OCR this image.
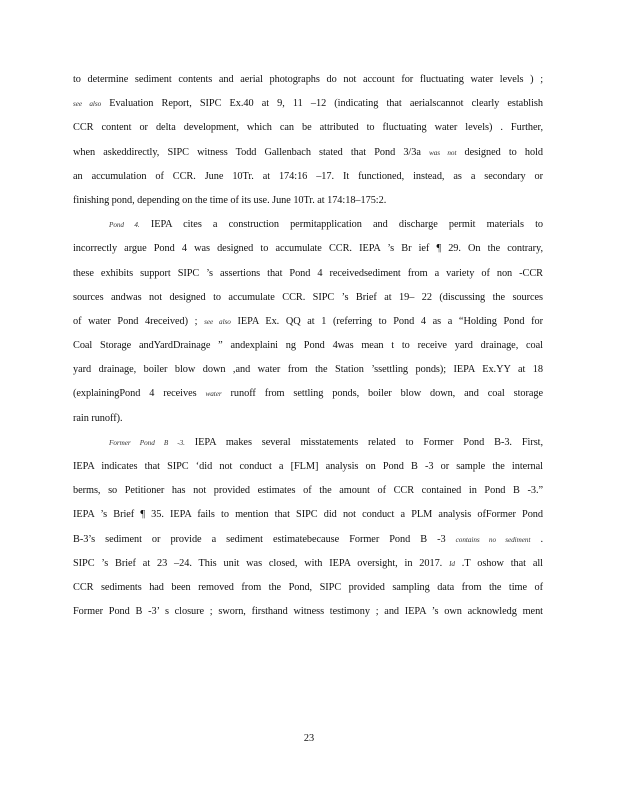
to determine sediment contents and aerial photographs do not account for fluctuating water levels ) ;
see also Evaluation Report, SIPC Ex.40 at 9, 11 –12 (indicating that aerialscannot clearly establish
CCR content or delta development, which can be attributed to fluctuating water levels) . Further,
when askeddirectly, SIPC witness Todd Gallenbach stated that Pond 3/3a was not designed to hold
an accumulation of CCR. June 10Tr. at 174:16 –17. It functioned, instead, as a secondary or
finishing pond, depending on the time of its use. June 10Tr. at 174:18–175:2.
Pond 4. IEPA cites a construction permitapplication and discharge permit materials to
incorrectly argue Pond 4 was designed to accumulate CCR. IEPA ’s Br ief ¶ 29. On the contrary,
these exhibits support SIPC ’s assertions that Pond 4 receivedsediment from a variety of non -CCR
sources andwas not designed to accumulate CCR. SIPC ’s Brief at 19– 22 (discussing the sources
of water Pond 4received) ; see also IEPA Ex. QQ at 1 (referring to Pond 4 as a “Holding Pond for
Coal Storage andYardDrainage ” andexplaini ng Pond 4was mean t to receive yard drainage, coal
yard drainage, boiler blow down ,and water from the Station ’ssettling ponds); IEPA Ex.YY at 18
(explainingPond 4 receives water runoff from settling ponds, boiler blow down, and coal storage
rain runoff).
Former Pond B -3. IEPA makes several misstatements related to Former Pond B-3. First,
IEPA indicates that SIPC ‘did not conduct a [FLM] analysis on Pond B -3 or sample the internal
berms, so Petitioner has not provided estimates of the amount of CCR contained in Pond B -3.”
IEPA ’s Brief ¶ 35. IEPA fails to mention that SIPC did not conduct a PLM analysis ofFormer Pond
B-3’s sediment or provide a sediment estimatebecause Former Pond B -3 contains no sediment .
SIPC ’s Brief at 23 –24. This unit was closed, with IEPA oversight, in 2017. Id .T oshow that all
CCR sediments had been removed from the Pond, SIPC provided sampling data from the time of
Former Pond B -3’ s closure ; sworn, firsthand witness testimony ; and IEPA ’s own acknowledg ment
23
